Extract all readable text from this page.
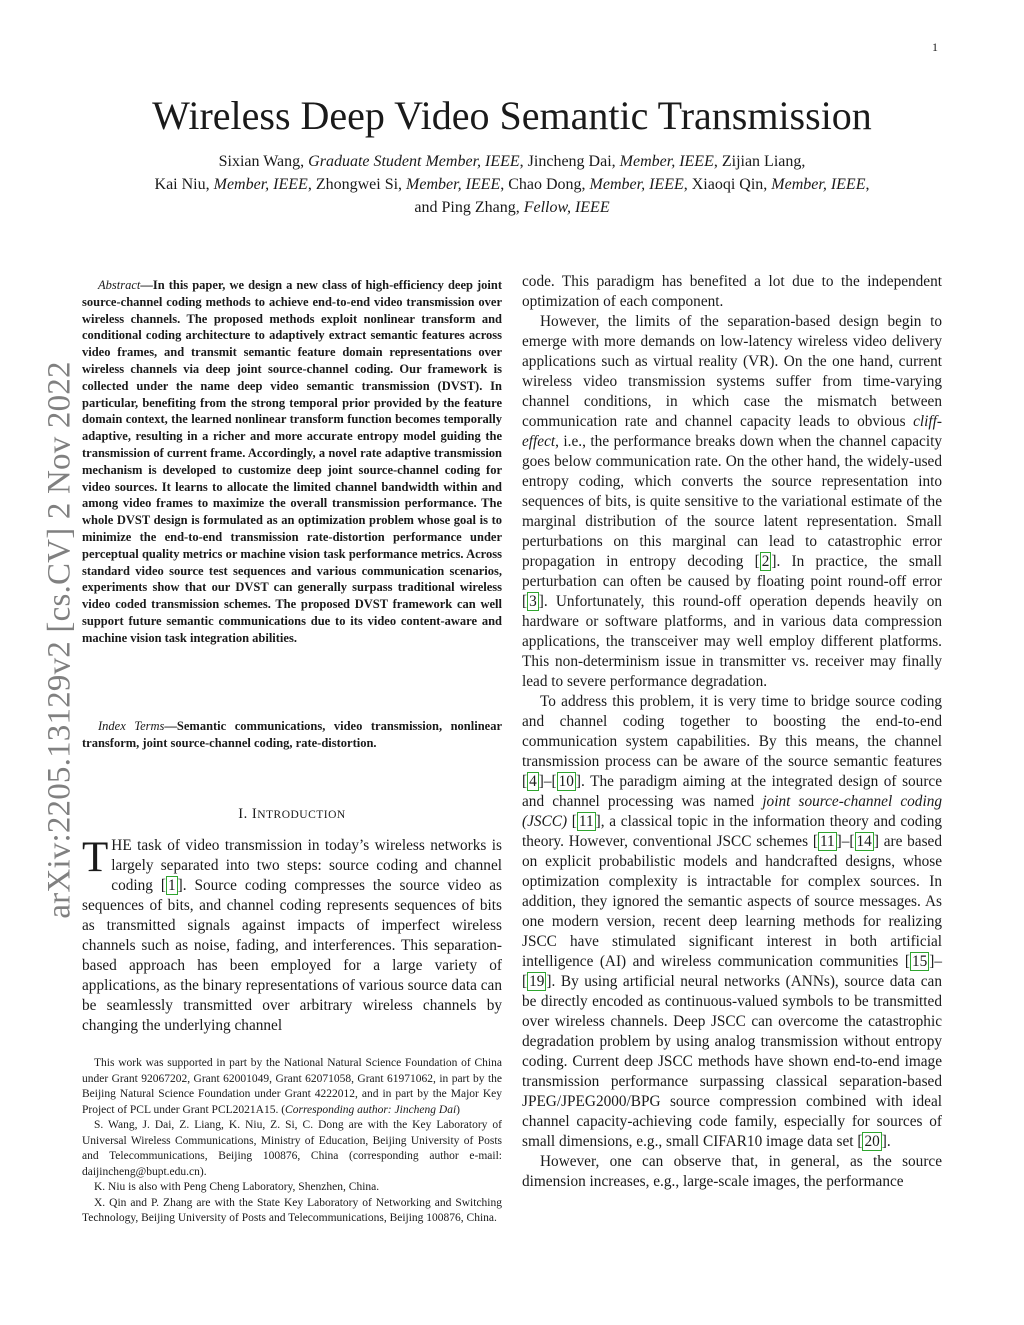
1
arXiv:2205.13129v2 [cs.CV] 2 Nov 2022
Wireless Deep Video Semantic Transmission
Sixian Wang, Graduate Student Member, IEEE, Jincheng Dai, Member, IEEE, Zijian Liang,
Kai Niu, Member, IEEE, Zhongwei Si, Member, IEEE, Chao Dong, Member, IEEE, Xiaoqi Qin, Member, IEEE,
and Ping Zhang, Fellow, IEEE

Abstract—In this paper, we design a new class of high-efficiency deep joint source-channel coding methods to achieve end-to-end video transmission over wireless channels. The proposed methods exploit nonlinear transform and conditional coding architecture to adaptively extract semantic features across video frames, and transmit semantic feature domain representations over wireless channels via deep joint source-channel coding. Our framework is collected under the name deep video semantic transmission (DVST). In particular, benefiting from the strong temporal prior provided by the feature domain context, the learned nonlinear transform function becomes temporally adaptive, resulting in a richer and more accurate entropy model guiding the transmission of current frame. Accordingly, a novel rate adaptive transmission mechanism is developed to customize deep joint source-channel coding for video sources. It learns to allocate the limited channel bandwidth within and among video frames to maximize the overall transmission performance. The whole DVST design is formulated as an optimization problem whose goal is to minimize the end-to-end transmission rate-distortion performance under perceptual quality metrics or machine vision task performance metrics. Across standard video source test sequences and various communication scenarios, experiments show that our DVST can generally surpass traditional wireless video coded transmission schemes. The proposed DVST framework can well support future semantic communications due to its video content-aware and machine vision task integration abilities.

Index Terms—Semantic communications, video transmission, nonlinear transform, joint source-channel coding, rate-distortion.

I. INTRODUCTION

THE task of video transmission in today’s wireless networks is largely separated into two steps: source coding and channel coding [ 1 ]. Source coding compresses the source video as sequences of bits, and channel coding represents sequences of bits as transmitted signals against impacts of imperfect wireless channels such as noise, fading, and interferences. This separation-based approach has been employed for a large variety of applications, as the binary representations of various source data can be seamlessly transmitted over arbitrary wireless channels by changing the underlying channel

This work was supported in part by the National Natural Science Foundation of China under Grant 92067202, Grant 62001049, Grant 62071058, Grant 61971062, in part by the Beijing Natural Science Foundation under Grant 4222012, and in part by the Major Key Project of PCL under Grant PCL2021A15. (Corresponding author: Jincheng Dai)

S. Wang, J. Dai, Z. Liang, K. Niu, Z. Si, C. Dong are with the Key Laboratory of Universal Wireless Communications, Ministry of Education, Beijing University of Posts and Telecommunications, Beijing 100876, China (corresponding author e-mail: daijincheng@bupt.edu.cn).

K. Niu is also with Peng Cheng Laboratory, Shenzhen, China.

X. Qin and P. Zhang are with the State Key Laboratory of Networking and Switching Technology, Beijing University of Posts and Telecommunications, Beijing 100876, China.

code. This paradigm has benefited a lot due to the independent optimization of each component.

However, the limits of the separation-based design begin to emerge with more demands on low-latency wireless video delivery applications such as virtual reality (VR). On the one hand, current wireless video transmission systems suffer from time-varying channel conditions, in which case the mismatch between communication rate and channel capacity leads to obvious cliff-effect, i.e., the performance breaks down when the channel capacity goes below communication rate. On the other hand, the widely-used entropy coding, which converts the source representation into sequences of bits, is quite sensitive to the variational estimate of the marginal distribution of the source latent representation. Small perturbations on this marginal can lead to catastrophic error propagation in entropy decoding [ 2 ]. In practice, the small perturbation can often be caused by floating point round-off error [ 3 ]. Unfortunately, this round-off operation depends heavily on hardware or software platforms, and in various data compression applications, the transceiver may well employ different platforms. This non-determinism issue in transmitter vs. receiver may finally lead to severe performance degradation.

To address this problem, it is very time to bridge source coding and channel coding together to boosting the end-to-end communication system capabilities. By this means, the channel transmission process can be aware of the source semantic features [ 4 ]–[ 10 ]. The paradigm aiming at the integrated design of source and channel processing was named joint source-channel coding (JSCC) [ 11 ], a classical topic in the information theory and coding theory. However, conventional JSCC schemes [ 11 ]–[ 14 ] are based on explicit probabilistic models and handcrafted designs, whose optimization complexity is intractable for complex sources. In addition, they ignored the semantic aspects of source messages. As one modern version, recent deep learning methods for realizing JSCC have stimulated significant interest in both artificial intelligence (AI) and wireless communication communities [ 15 ]–[ 19 ]. By using artificial neural networks (ANNs), source data can be directly encoded as continuous-valued symbols to be transmitted over wireless channels. Deep JSCC can overcome the catastrophic degradation problem by using analog transmission without entropy coding. Current deep JSCC methods have shown end-to-end image transmission performance surpassing classical separation-based JPEG/JPEG2000/BPG source compression combined with ideal channel capacity-achieving code family, especially for sources of small dimensions, e.g., small CIFAR10 image data set [ 20 ].

However, one can observe that, in general, as the source dimension increases, e.g., large-scale images, the performance
